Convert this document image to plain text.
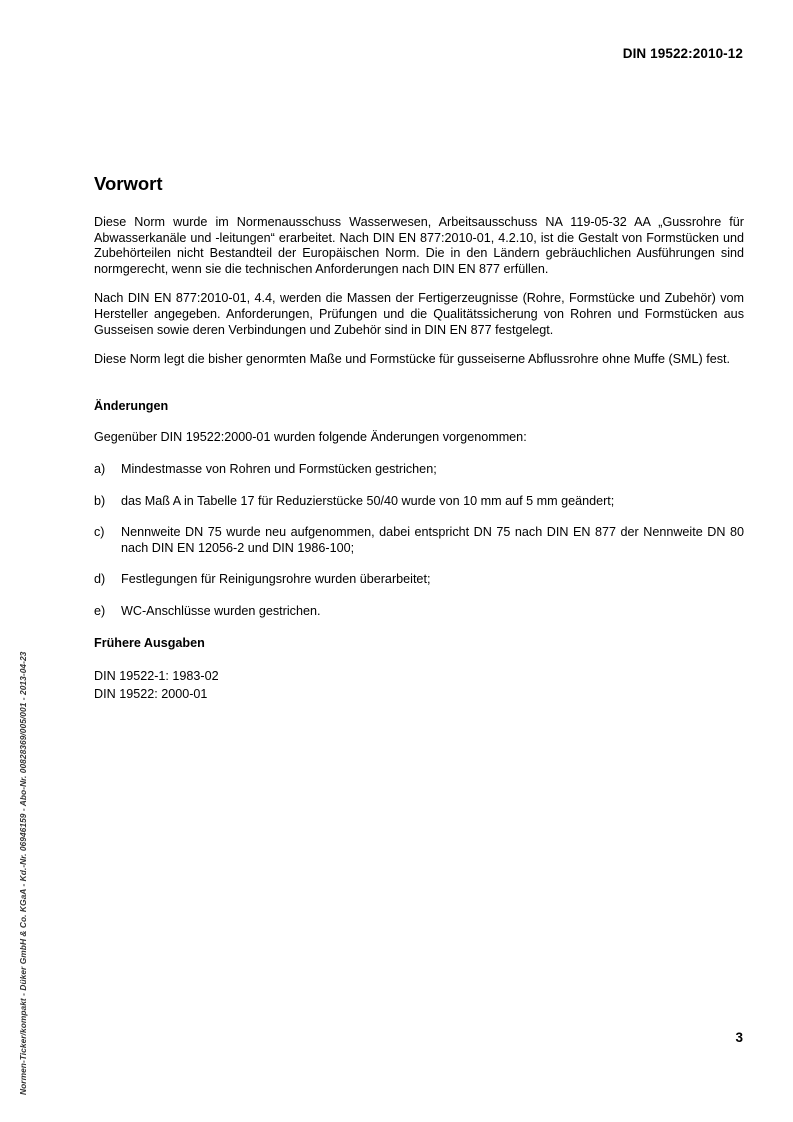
DIN 19522:2010-12
Vorwort

Diese Norm wurde im Normenausschuss Wasserwesen, Arbeitsausschuss NA 119-05-32 AA „Gussrohre für Abwasserkanäle und -leitungen“ erarbeitet. Nach DIN EN 877:2010-01, 4.2.10, ist die Gestalt von Formstücken und Zubehörteilen nicht Bestandteil der Europäischen Norm. Die in den Ländern gebräuchlichen Ausführungen sind normgerecht, wenn sie die technischen Anforderungen nach DIN EN 877 erfüllen.

Nach DIN EN 877:2010-01, 4.4, werden die Massen der Fertigerzeugnisse (Rohre, Formstücke und Zubehör) vom Hersteller angegeben. Anforderungen, Prüfungen und die Qualitätssicherung von Rohren und Formstücken aus Gusseisen sowie deren Verbindungen und Zubehör sind in DIN EN 877 festgelegt.

Diese Norm legt die bisher genormten Maße und Formstücke für gusseiserne Abflussrohre ohne Muffe (SML) fest.

Änderungen

Gegenüber DIN 19522:2000-01 wurden folgende Änderungen vorgenommen:

a) Mindestmasse von Rohren und Formstücken gestrichen;
b) das Maß A in Tabelle 17 für Reduzierstücke 50/40 wurde von 10 mm auf 5 mm geändert;
c) Nennweite DN 75 wurde neu aufgenommen, dabei entspricht DN 75 nach DIN EN 877 der Nennweite DN 80 nach DIN EN 12056-2 und DIN 1986-100;
d) Festlegungen für Reinigungsrohre wurden überarbeitet;
e) WC-Anschlüsse wurden gestrichen.
Frühere Ausgaben
DIN 19522-1: 1983-02
DIN 19522: 2000-01
3
Normen-Ticker/kompakt - Düker GmbH & Co. KGaA - Kd.-Nr. 06946159 - Abo-Nr. 00828369/005/001 - 2013-04-23
